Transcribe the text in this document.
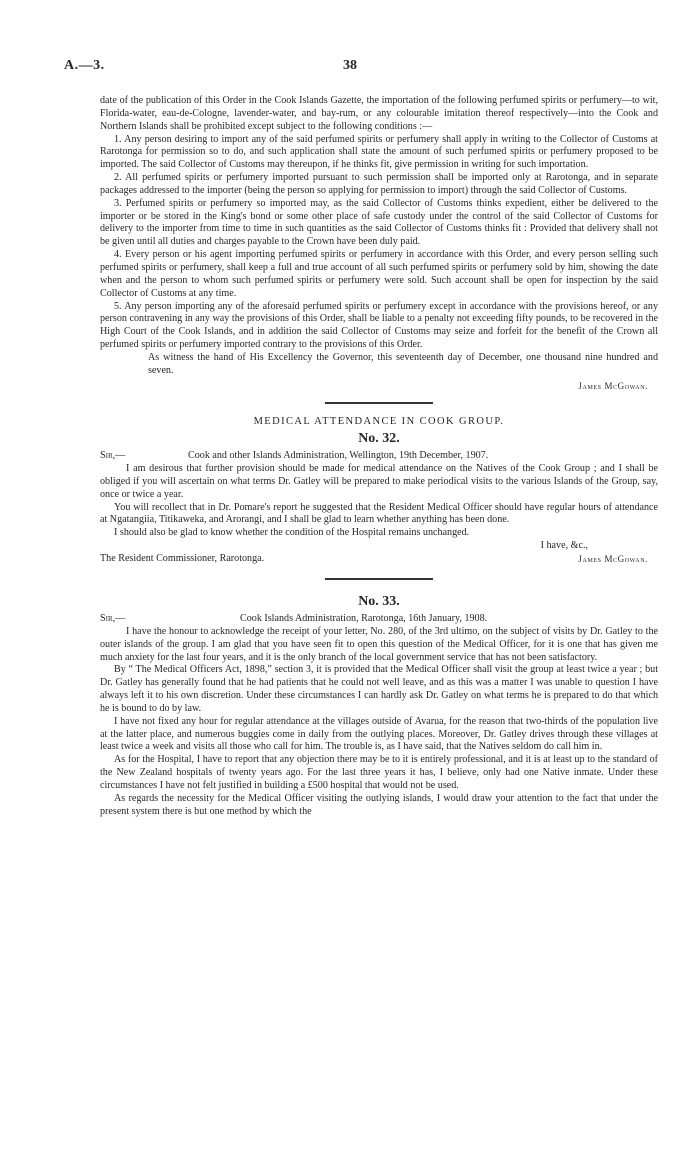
A.—3.	38

date of the publication of this Order in the Cook Islands Gazette, the importation of the following perfumed spirits or perfumery—to wit, Florida-water, eau-de-Cologne, lavender-water, and bay-rum, or any colourable imitation thereof respectively—into the Cook and Northern Islands shall be prohibited except subject to the following conditions :—

1. Any person desiring to import any of the said perfumed spirits or perfumery shall apply in writing to the Collector of Customs at Rarotonga for permission so to do, and such application shall state the amount of such perfumed spirits or perfumery proposed to be imported. The said Collector of Customs may thereupon, if he thinks fit, give permission in writing for such importation.

2. All perfumed spirits or perfumery imported pursuant to such permission shall be imported only at Rarotonga, and in separate packages addressed to the importer (being the person so applying for permission to import) through the said Collector of Customs.

3. Perfumed spirits or perfumery so imported may, as the said Collector of Customs thinks expedient, either be delivered to the importer or be stored in the King's bond or some other place of safe custody under the control of the said Collector of Customs for delivery to the importer from time to time in such quantities as the said Collector of Customs thinks fit : Provided that delivery shall not be given until all duties and charges payable to the Crown have been duly paid.

4. Every person or his agent importing perfumed spirits or perfumery in accordance with this Order, and every person selling such perfumed spirits or perfumery, shall keep a full and true account of all such perfumed spirits or perfumery sold by him, showing the date when and the person to whom such perfumed spirits or perfumery were sold. Such account shall be open for inspection by the said Collector of Customs at any time.

5. Any person importing any of the aforesaid perfumed spirits or perfumery except in accordance with the provisions hereof, or any person contravening in any way the provisions of this Order, shall be liable to a penalty not exceeding fifty pounds, to be recovered in the High Court of the Cook Islands, and in addition the said Collector of Customs may seize and forfeit for the benefit of the Crown all perfumed spirits or perfumery imported contrary to the provisions of this Order.

As witness the hand of His Excellency the Governor, this seventeenth day of December, one thousand nine hundred and seven.

James McGowan.
MEDICAL ATTENDANCE IN COOK GROUP.
No. 32.
Sir,—	Cook and other Islands Administration, Wellington, 19th December, 1907.

I am desirous that further provision should be made for medical attendance on the Natives of the Cook Group ; and I shall be obliged if you will ascertain on what terms Dr. Gatley will be prepared to make periodical visits to the various Islands of the Group, say, once or twice a year.

You will recollect that in Dr. Pomare's report he suggested that the Resident Medical Officer should have regular hours of attendance at Ngatangiia, Titikaweka, and Arorangi, and I shall be glad to learn whether anything has been done.

I should also be glad to know whether the condition of the Hospital remains unchanged.

I have, &c.,
The Resident Commissioner, Rarotonga.	James McGowan.
No. 33.
Sir,—	Cook Islands Administration, Rarotonga, 16th January, 1908.

I have the honour to acknowledge the receipt of your letter, No. 280, of the 3rd ultimo, on the subject of visits by Dr. Gatley to the outer islands of the group. I am glad that you have seen fit to open this question of the Medical Officer, for it is one that has given me much anxiety for the last four years, and it is the only branch of the local government service that has not been satisfactory.

By “ The Medical Officers Act, 1898,” section 3, it is provided that the Medical Officer shall visit the group at least twice a year ; but Dr. Gatley has generally found that he had patients that he could not well leave, and as this was a matter I was unable to question I have always left it to his own discretion. Under these circumstances I can hardly ask Dr. Gatley on what terms he is prepared to do that which he is bound to do by law.

I have not fixed any hour for regular attendance at the villages outside of Avarua, for the reason that two-thirds of the population live at the latter place, and numerous buggies come in daily from the outlying places. Moreover, Dr. Gatley drives through these villages at least twice a week and visits all those who call for him. The trouble is, as I have said, that the Natives seldom do call him in.

As for the Hospital, I have to report that any objection there may be to it is entirely professional, and it is at least up to the standard of the New Zealand hospitals of twenty years ago. For the last three years it has, I believe, only had one Native inmate. Under these circumstances I have not felt justified in building a £500 hospital that would not be used.

As regards the necessity for the Medical Officer visiting the outlying islands, I would draw your attention to the fact that under the present system there is but one method by which the
